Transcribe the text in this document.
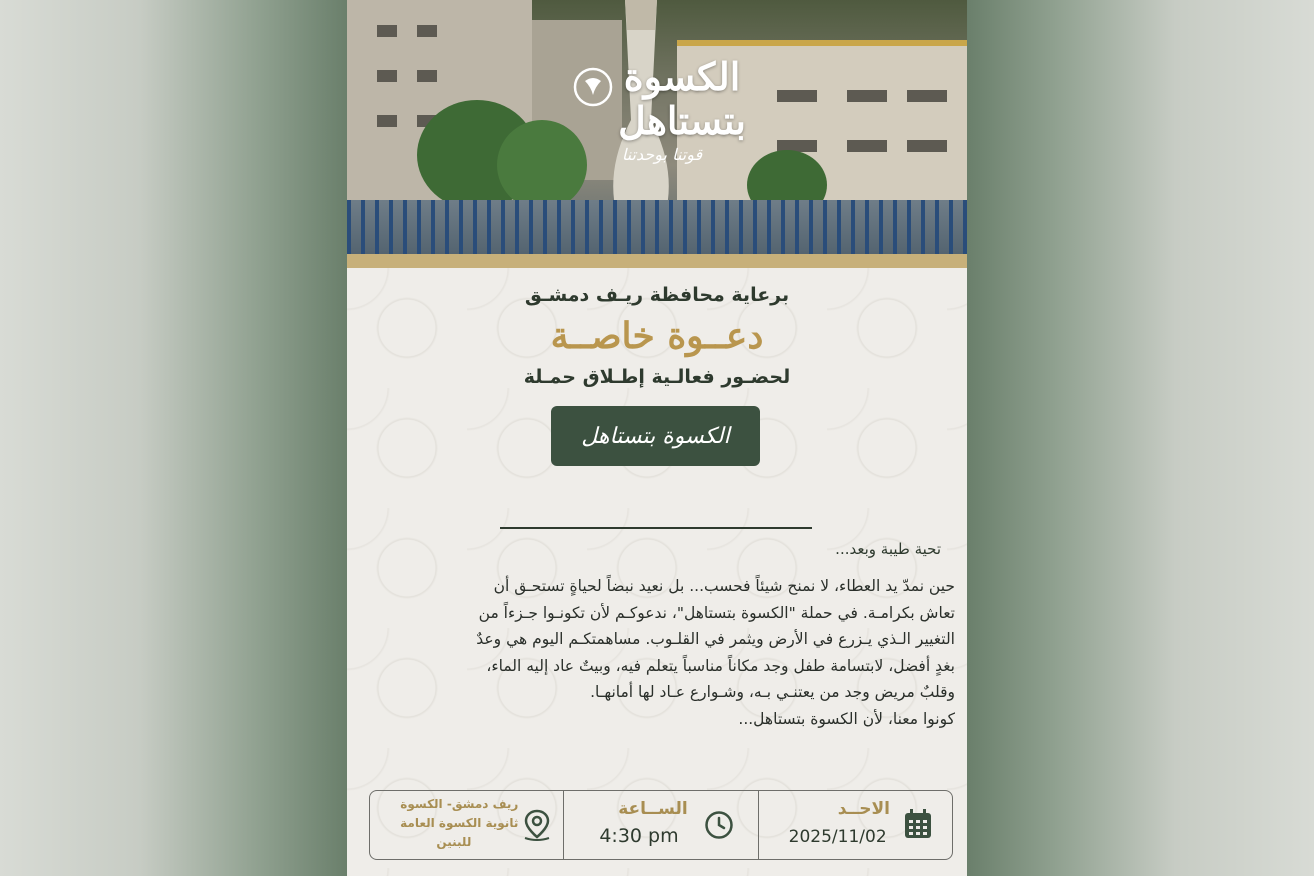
الكسوة بتستاهل
قوتنا بوحدتنا
برعاية محافظة ريـف دمشـق
دعــوة خاصــة
لحضـور فعالـية إطـلاق حمـلة
الكسوة بتستاهل
تحية طيبة وبعد...

حين نمدّ يد العطاء، لا نمنح شيئاً فحسب... بل نعيد نبضاً لحياةٍ تستحـق أن

تعاش بكرامـة. في حملة "الكسوة بتستاهل"، ندعوكـم لأن تكونـوا جـزءاً من

التغيير الـذي يـزرع في الأرض ويثمر في القلـوب. مساهمتكـم اليوم هي وعدٌ

بغدٍ أفضل، لابتسامة طفل وجد مكاناً مناسباً يتعلم فيه، وبيتٌ عاد إليه الماء،

وقلبٌ مريض وجد من يعتنـي بـه، وشـوارع عـاد لها أمانهـا.

كونوا معنا، لأن الكسوة بتستاهل...

ريف دمشق- الكسوة
ثانوية الكسوة العامة
للبنين
الســاعة
4:30 pm
الاحــد
2025/11/02
